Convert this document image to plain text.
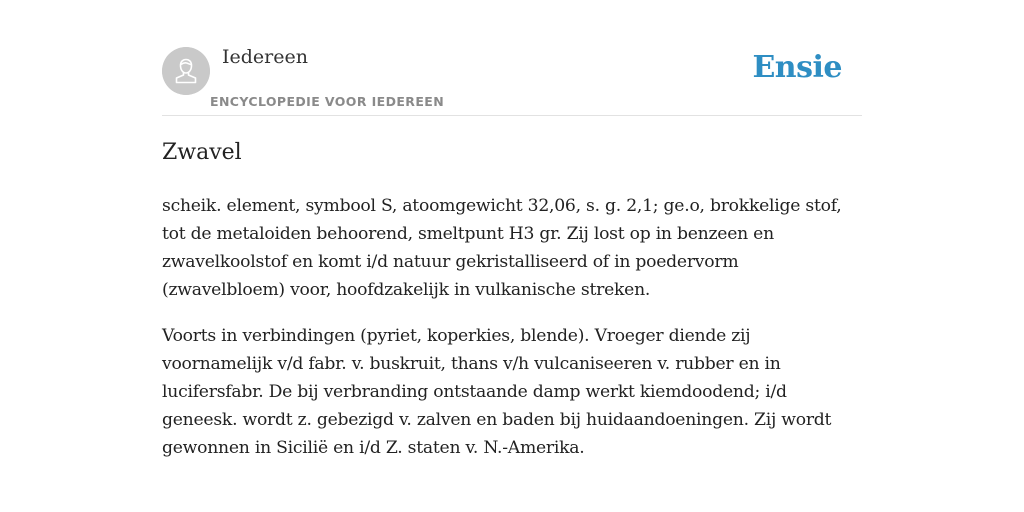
Iedereen
ENCYCLOPEDIE VOOR IEDEREEN
Ensie
Zwavel

scheik. element, symbool S, atoomgewicht 32,06, s. g. 2,1; ge.o, brokkelige stof,
tot de metaloiden behoorend, smeltpunt H3 gr. Zij lost op in benzeen en
zwavelkoolstof en komt i/d natuur gekristalliseerd of in poedervorm
(zwavelbloem) voor, hoofdzakelijk in vulkanische streken.

Voorts in verbindingen (pyriet, koperkies, blende). Vroeger diende zij
voornamelijk v/d fabr. v. buskruit, thans v/h vulcaniseeren v. rubber en in
lucifersfabr. De bij verbranding ontstaande damp werkt kiemdoodend; i/d
geneesk. wordt z. gebezigd v. zalven en baden bij huidaandoeningen. Zij wordt
gewonnen in Sicilië en i/d Z. staten v. N.-Amerika.
